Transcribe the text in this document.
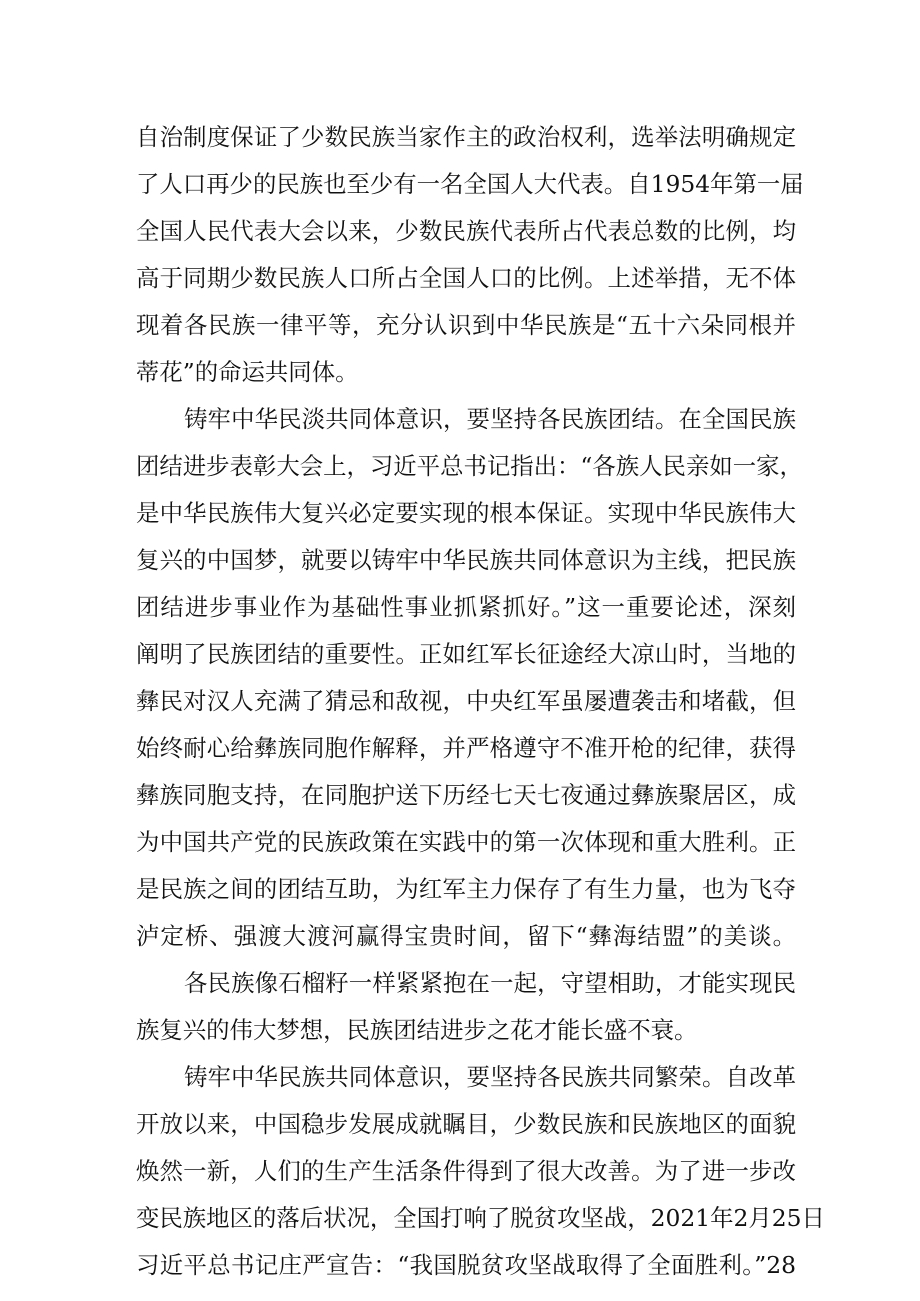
自治制度保证了少数民族当家作主的政治权利，选举法明确规定
了人口再少的民族也至少有一名全国人大代表。自1954年第一届
全国人民代表大会以来，少数民族代表所占代表总数的比例，均
高于同期少数民族人口所占全国人口的比例。上述举措，无不体
现着各民族一律平等，充分认识到中华民族是“五十六朵同根并
蒂花”的命运共同体。
铸牢中华民淡共同体意识，要坚持各民族团结。在全国民族
团结进步表彰大会上，习近平总书记指出：“各族人民亲如一家，
是中华民族伟大复兴必定要实现的根本保证。实现中华民族伟大
复兴的中国梦，就要以铸牢中华民族共同体意识为主线，把民族
团结进步事业作为基础性事业抓紧抓好。”这一重要论述，深刻
阐明了民族团结的重要性。正如红军长征途经大凉山时，当地的
彝民对汉人充满了猜忌和敌视，中央红军虽屡遭袭击和堵截，但
始终耐心给彝族同胞作解释，并严格遵守不准开枪的纪律，获得
彝族同胞支持，在同胞护送下历经七天七夜通过彝族聚居区，成
为中国共产党的民族政策在实践中的第一次体现和重大胜利。正
是民族之间的团结互助，为红军主力保存了有生力量，也为飞夺
泸定桥、强渡大渡河赢得宝贵时间，留下“彝海结盟”的美谈。
各民族像石榴籽一样紧紧抱在一起，守望相助，才能实现民
族复兴的伟大梦想，民族团结进步之花才能长盛不衰。
铸牢中华民族共同体意识，要坚持各民族共同繁荣。自改革
开放以来，中国稳步发展成就瞩目，少数民族和民族地区的面貌
焕然一新，人们的生产生活条件得到了很大改善。为了进一步改
变民族地区的落后状况，全国打响了脱贫攻坚战，2021年2月25日
习近平总书记庄严宣告：“我国脱贫攻坚战取得了全面胜利。”28
